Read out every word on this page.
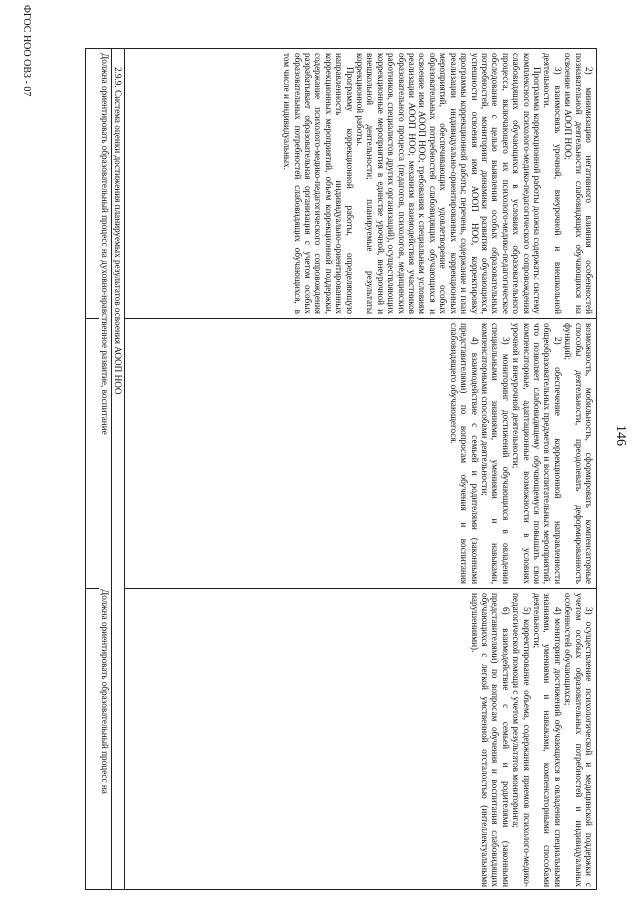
146

2) минимизацию негативного влияния особенностей познавательной деятельности слабовидящих обучающихся на освоение ими АООП НОО;

3) взаимосвязь урочной, внеурочной и внешкольной деятельности.

Программа коррекционной работы должна содержать: систему комплексного психолого-медико-педагогического сопровождения слабовидящих обучающихся в условиях образовательного процесса, включающего их психолого-медико-педагогическое обследование с целью выявления особых образовательных потребностей, мониторинг динамики развития обучающихся, успешности освоения ими АООП НОО, корректировку программы коррекционной работы; перечень, содержание и план реализации индивидуально-ориентированных коррекционных мероприятий, обеспечивающих удовлетворение особых образовательных потребностей слабовидящих обучающихся и освоение ими АООП НОО; требования к специальным условиям реализации АООП НОО; механизм взаимодействия участников образовательного процесса (педагогов, психологов, медицинских работников, специалистов других организаций), осуществляющих коррекционные мероприятия в единстве урочной, внеурочной и внешкольной деятельности; планируемые результаты коррекционной работы.

Программу коррекционной работы, определяющую направленность индивидуально-ориентированных коррекционных мероприятий, объем коррекционной поддержки, содержание психолого-медико-педагогического сопровождения разрабатывает образовательная организация с учетом особых образовательных потребностей слабовидящих обучающихся, в том числе и индивидуальных.

возможность, мобильность, сформировать компенсаторные способы деятельности, преодолевать деформированность функций;

2) обеспечение коррекционной направленности общеобразовательных предметов и воспитательных мероприятий, что позволяет слабовидящему обучающемуся повышать свои компенсаторные, адаптационные возможности в условиях урочной и внеурочной деятельности;

3) мониторинг достижений обучающихся в овладении специальными знаниями, умениями и навыками, компенсаторными способами деятельности;

4) взаимодействие с семьей и родителями (законными представителями) по вопросам обучения и воспитания слабовидящего обучающегося.

3) осуществление психологической и медицинской поддержки с учетом особых образовательных потребностей и индивидуальных особенностей обучающихся;

4) мониторинг достижений обучающихся в овладении специальными знаниями, умениями и навыками, компенсаторными способами деятельности;

5) корректирование объема, содержания приемов психолого-медико-педагогической помощи с учетом результатов мониторинга;

6) взаимодействие с семьей и родителями (законными представителями) по вопросам обучения и воспитания слабовидящих обучающихся с легкой умственной отсталостью (интеллектуальными нарушениями).

2.9.9. Система оценки достижения планируемых результатов освоения АООП НОО
Должна ориентировать образовательный процесс на духовно-нравственное развитие, воспитаниеДолжна ориентировать образовательный процесс на
ФГОС НОО ОВЗ - 07
